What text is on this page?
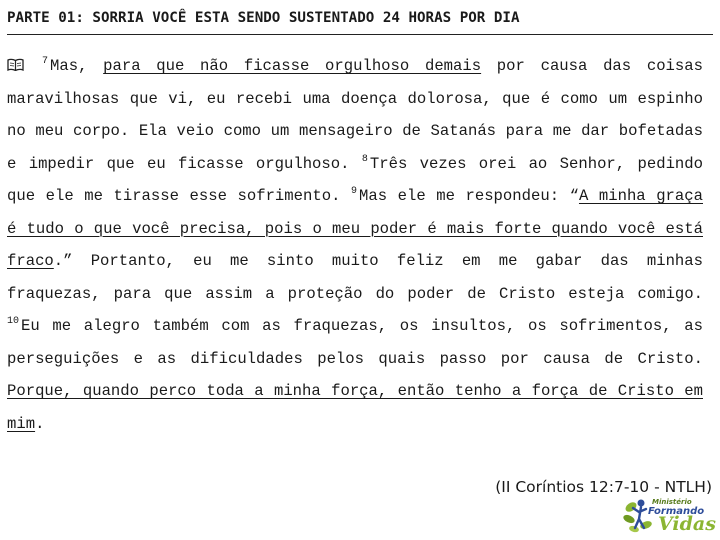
PARTE 01: SORRIA VOCÊ ESTA SENDO SUSTENTADO 24 HORAS POR DIA

$^7$ Mas, para que não ficasse orgulhoso demais por causa das coisas maravilhosas que vi, eu recebi uma doença dolorosa, que é como um espinho no meu corpo. Ela veio como um mensageiro de Satanás para me dar bofetadas e impedir que eu ficasse orgulhoso. $^8$ Três vezes orei ao Senhor, pedindo que ele me tirasse esse sofrimento. $^9$ Mas ele me respondeu: “A minha graça é tudo o que você precisa, pois o meu poder é mais forte quando você está fraco.” Portanto, eu me sinto muito feliz em me gabar das minhas fraquezas, para que assim a proteção do poder de Cristo esteja comigo. $^{10}$ Eu me alegro também com as fraquezas, os insultos, os sofrimentos, as perseguições e as dificuldades pelos quais passo por causa de Cristo. Porque, quando perco toda a minha força, então tenho a força de Cristo em mim.

(II Coríntios 12:7-10 - NTLH)
Ministério
Formando
Vidas
